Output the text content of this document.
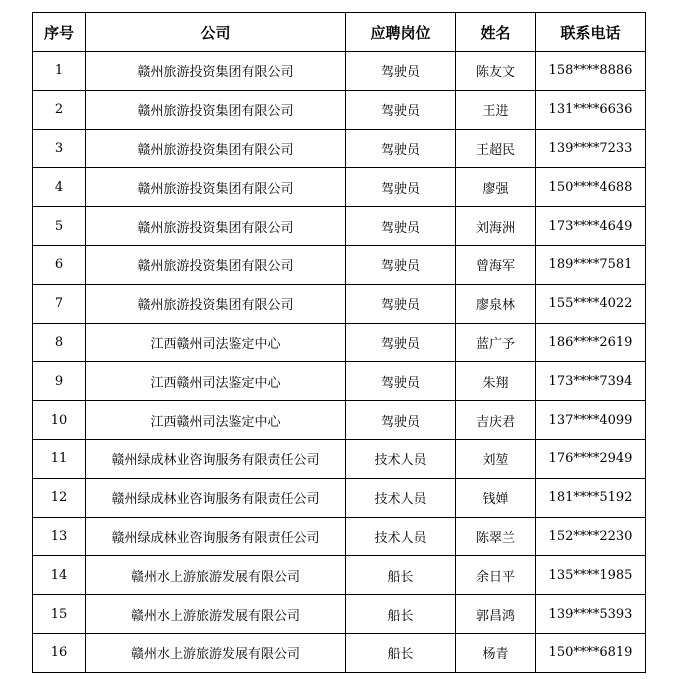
序号	公司	应聘岗位	姓名	联系电话
1	赣州旅游投资集团有限公司	驾驶员	陈友文	158****8886
2	赣州旅游投资集团有限公司	驾驶员	王进	131****6636
3	赣州旅游投资集团有限公司	驾驶员	王超民	139****7233
4	赣州旅游投资集团有限公司	驾驶员	廖强	150****4688
5	赣州旅游投资集团有限公司	驾驶员	刘海洲	173****4649
6	赣州旅游投资集团有限公司	驾驶员	曾海军	189****7581
7	赣州旅游投资集团有限公司	驾驶员	廖泉林	155****4022
8	江西赣州司法鉴定中心	驾驶员	蓝广予	186****2619
9	江西赣州司法鉴定中心	驾驶员	朱翔	173****7394
10	江西赣州司法鉴定中心	驾驶员	吉庆君	137****4099
11	赣州绿成林业咨询服务有限责任公司	技术人员	刘堃	176****2949
12	赣州绿成林业咨询服务有限责任公司	技术人员	钱婵	181****5192
13	赣州绿成林业咨询服务有限责任公司	技术人员	陈翠兰	152****2230
14	赣州水上游旅游发展有限公司	船长	余日平	135****1985
15	赣州水上游旅游发展有限公司	船长	郭昌鸿	139****5393
16	赣州水上游旅游发展有限公司	船长	杨青	150****6819
